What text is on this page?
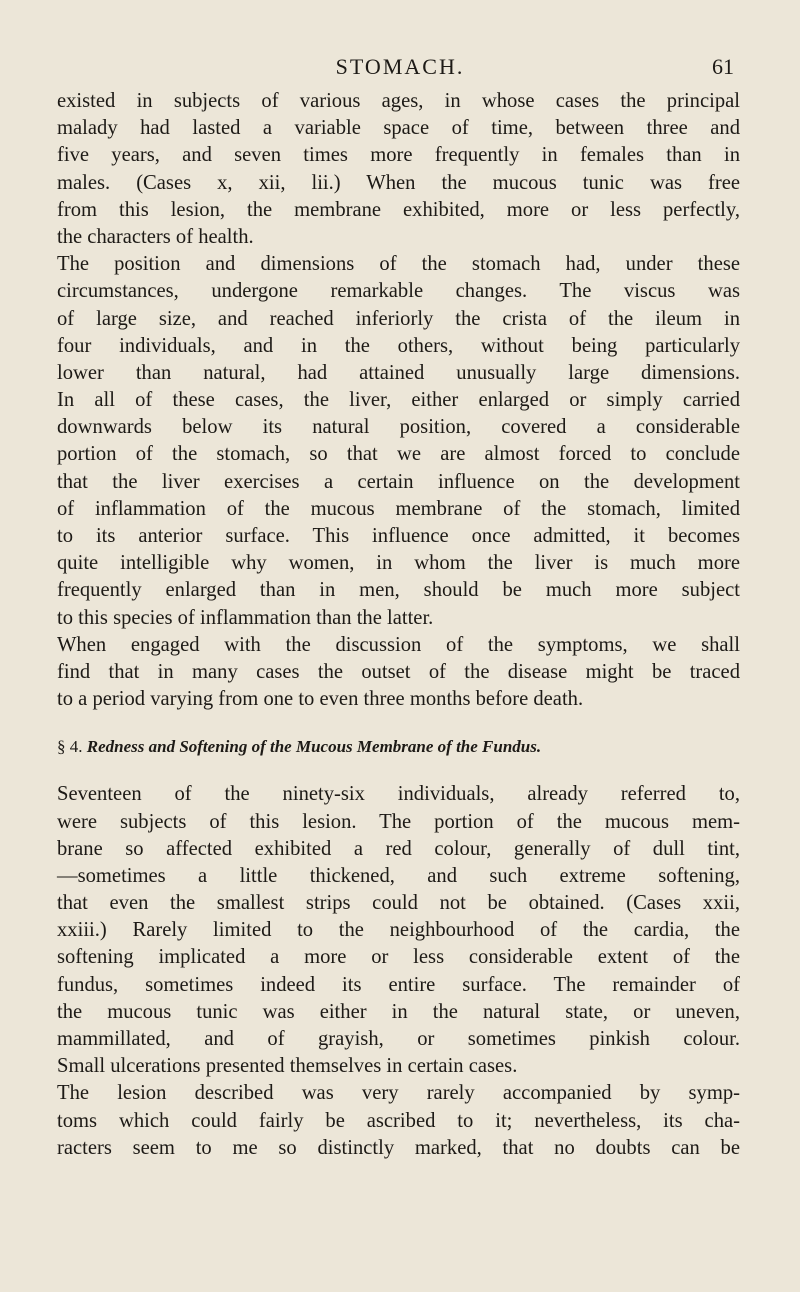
STOMACH.	61
existed in subjects of various ages, in whose cases the principal
malady had lasted a variable space of time, between three and
five years, and seven times more frequently in females than in
males. (Cases x, xii, lii.) When the mucous tunic was free
from this lesion, the membrane exhibited, more or less perfectly,
the characters of health.
The position and dimensions of the stomach had, under these
circumstances, undergone remarkable changes. The viscus was
of large size, and reached inferiorly the crista of the ileum in
four individuals, and in the others, without being particularly
lower than natural, had attained unusually large dimensions.
In all of these cases, the liver, either enlarged or simply carried
downwards below its natural position, covered a considerable
portion of the stomach, so that we are almost forced to conclude
that the liver exercises a certain influence on the development
of inflammation of the mucous membrane of the stomach, limited
to its anterior surface. This influence once admitted, it becomes
quite intelligible why women, in whom the liver is much more
frequently enlarged than in men, should be much more subject
to this species of inflammation than the latter.
When engaged with the discussion of the symptoms, we shall
find that in many cases the outset of the disease might be traced
to a period varying from one to even three months before death.
§ 4. Redness and Softening of the Mucous Membrane of the Fundus.
Seventeen of the ninety-six individuals, already referred to,
were subjects of this lesion. The portion of the mucous mem-
brane so affected exhibited a red colour, generally of dull tint,
—sometimes a little thickened, and such extreme softening,
that even the smallest strips could not be obtained. (Cases xxii,
xxiii.) Rarely limited to the neighbourhood of the cardia, the
softening implicated a more or less considerable extent of the
fundus, sometimes indeed its entire surface. The remainder of
the mucous tunic was either in the natural state, or uneven,
mammillated, and of grayish, or sometimes pinkish colour.
Small ulcerations presented themselves in certain cases.
The lesion described was very rarely accompanied by symp-
toms which could fairly be ascribed to it; nevertheless, its cha-
racters seem to me so distinctly marked, that no doubts can be
